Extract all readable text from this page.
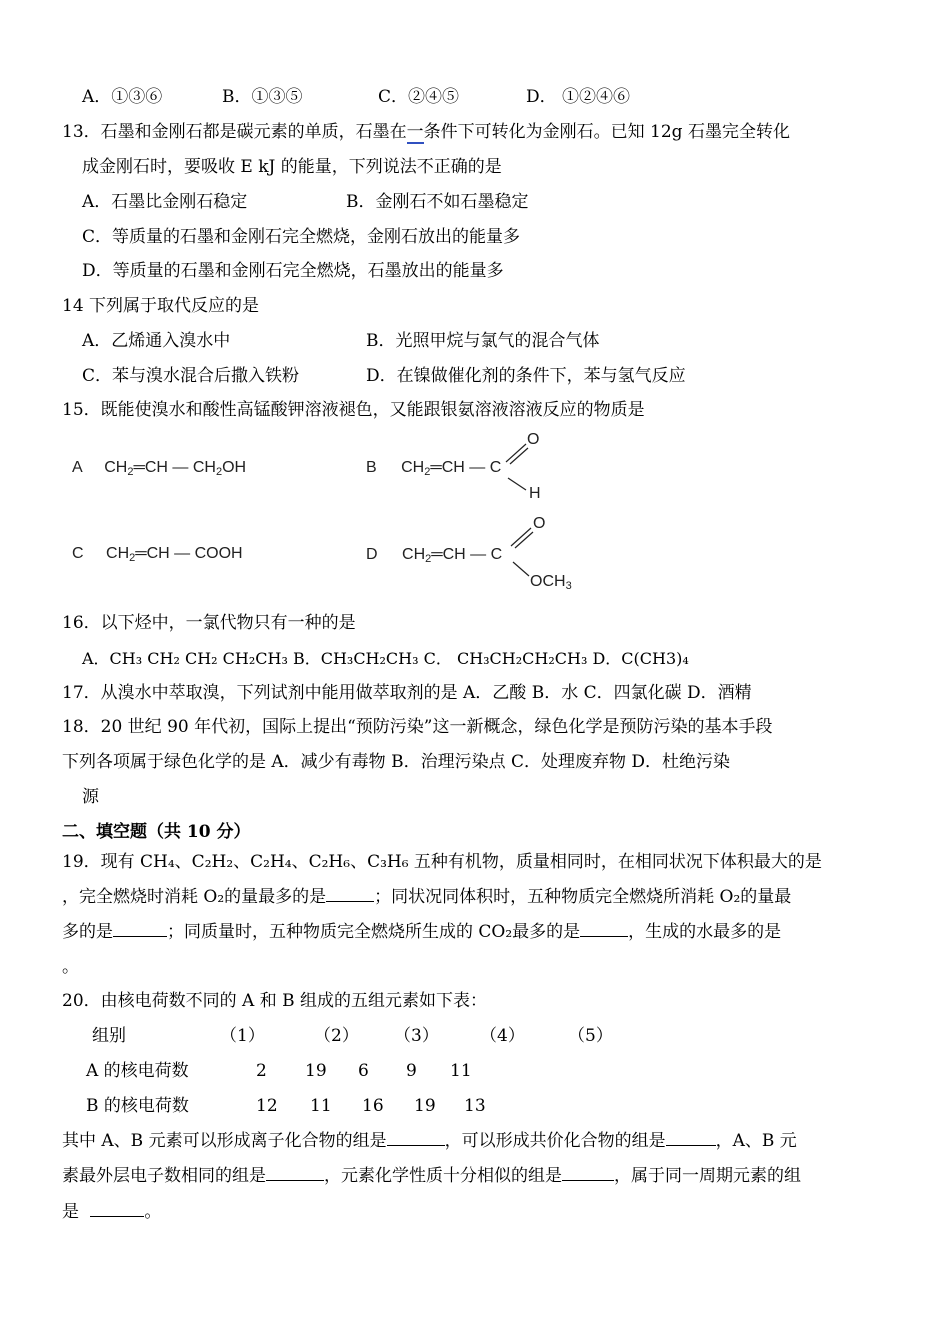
A．①③⑥	B．①③⑤	C．②④⑤	D． ①②④⑥
13．石墨和金刚石都是碳元素的单质，石墨在一条件下可转化为金刚石。已知 12g 石墨完全转化
成金刚石时，要吸收 E kJ 的能量，下列说法不正确的是
A．石墨比金刚石稳定	B．金刚石不如石墨稳定
C．等质量的石墨和金刚石完全燃烧，金刚石放出的能量多
D．等质量的石墨和金刚石完全燃烧，石墨放出的能量多
14 下列属于取代反应的是
A．乙烯通入溴水中	B．光照甲烷与氯气的混合气体
C．苯与溴水混合后撒入铁粉	D．在镍做催化剂的条件下，苯与氢气反应
15．既能使溴水和酸性高锰酸钾溶液褪色，又能跟银氨溶液溶液反应的物质是
A $CH_2═CH$ — $CH_2OH$	B $CH_2═CH$ — C
O
H
C $CH_2═CH$ — COOH	D $CH_2═CH$ — C
O
$OCH_3$
16．以下烃中，一氯代物只有一种的是
A．CH₃ CH₂ CH₂ CH₂CH₃ B．CH₃CH₂CH₃ C． CH₃CH₂CH₂CH₃ D．C(CH3)₄
17．从溴水中萃取溴，下列试剂中能用做萃取剂的是 A．乙酸 B．水 C．四氯化碳 D．酒精
18．20 世纪 90 年代初，国际上提出“预防污染”这一新概念，绿色化学是预防污染的基本手段
下列各项属于绿色化学的是 A．减少有毒物 B．治理污染点 C．处理废弃物 D．杜绝污染
源
二、填空题（共 10 分）
19．现有 CH₄、C₂H₂、C₂H₄、C₂H₆、C₃H₆ 五种有机物，质量相同时，在相同状况下体积最大的是
，完全燃烧时消耗 O₂的量最多的是	；同状况同体积时，五种物质完全燃烧所消耗 O₂的量最
多的是	；同质量时，五种物质完全燃烧所生成的 CO₂最多的是	，生成的水最多的是
。
20．由核电荷数不同的 A 和 B 组成的五组元素如下表：
组别	（1）	（2） （3） （4）	（5）
A 的核电荷数	2 19 6 9 11
B 的核电荷数	12 11 16 19 13
其中 A、B 元素可以形成离子化合物的组是	，可以形成共价化合物的组是	，A、B 元
素最外层电子数相同的组是	，元素化学性质十分相似的组是	，属于同一周期元素的组
是	。
